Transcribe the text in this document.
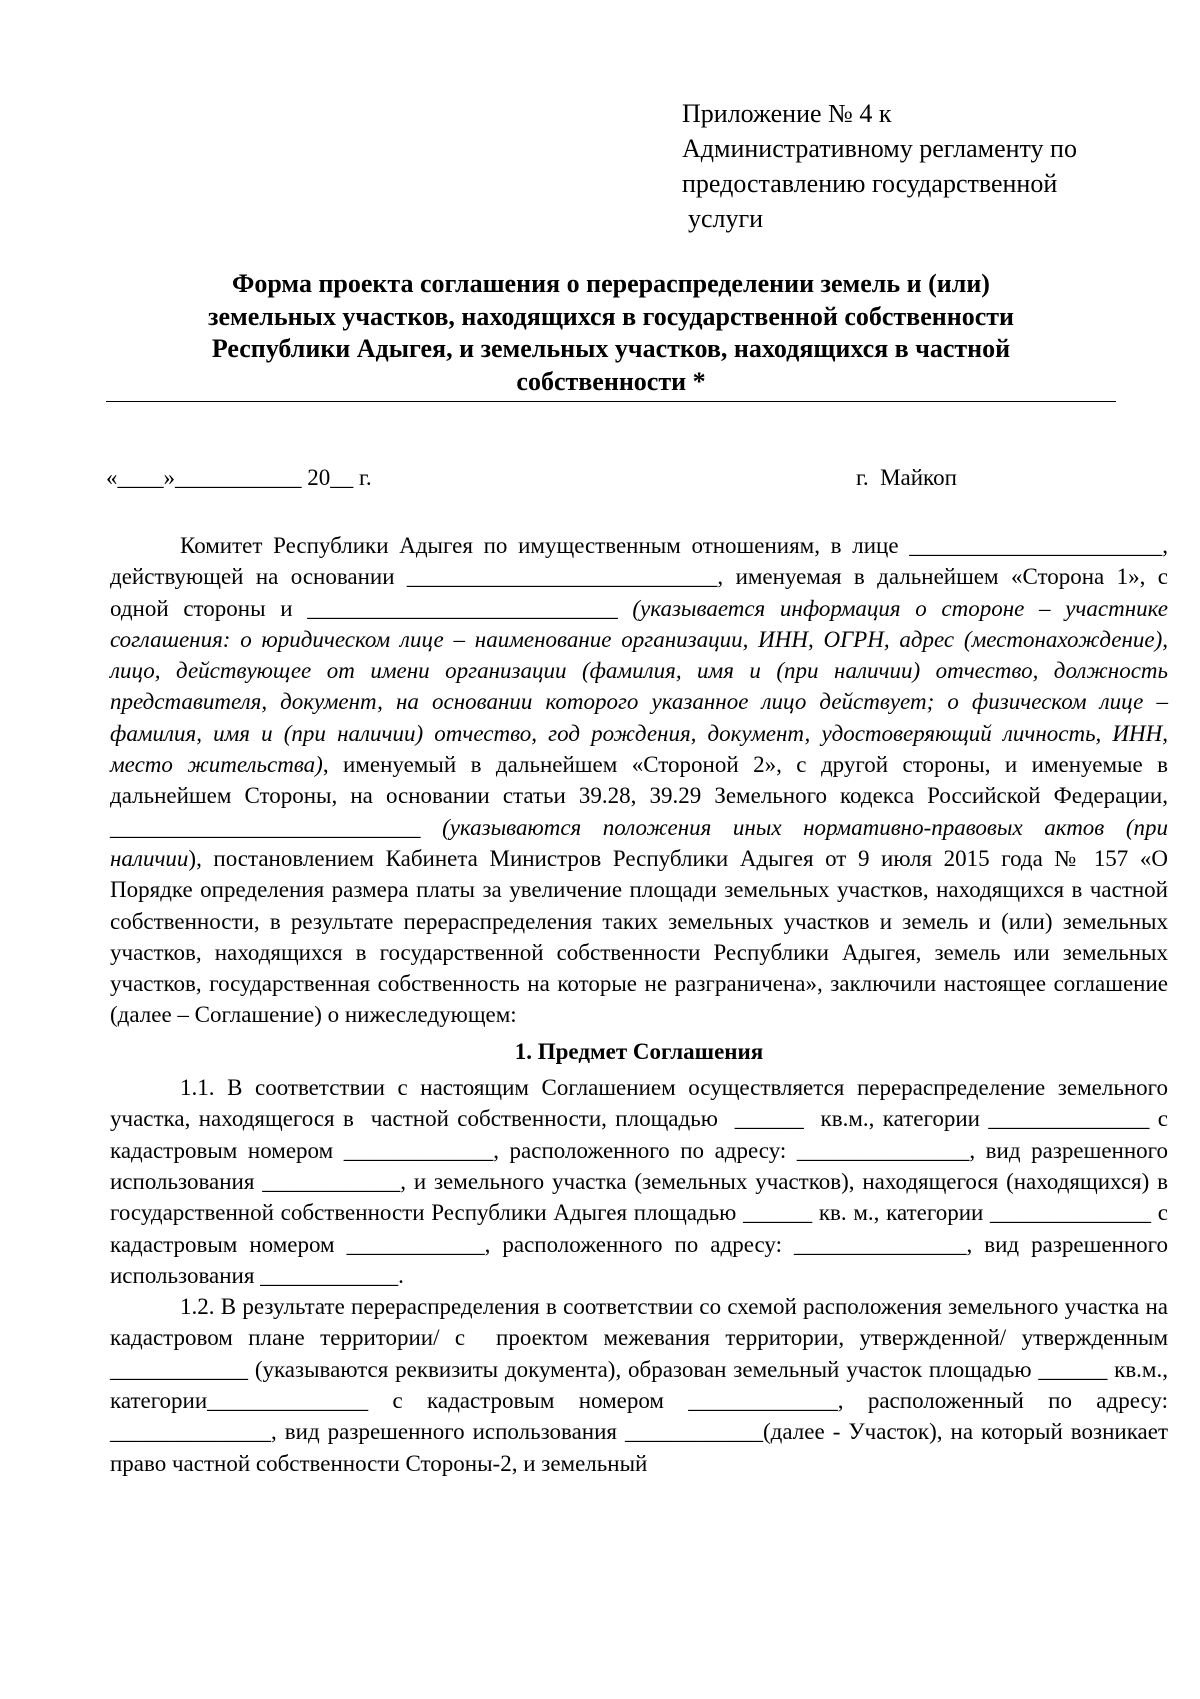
Приложение № 4 к
Административному регламенту по
предоставлению государственной
услуги
Форма проекта соглашения о перераспределении земель и (или)
земельных участков, находящихся в государственной собственности
Республики Адыгея, и земельных участков, находящихся в частной
собственности *
«____»___________ 20__ г.	г.  Майкоп

Комитет Республики Адыгея по имущественным отношениям, в лице ______________________, действующей на основании ___________________________, именуемая в дальнейшем «Сторона 1», с одной стороны и ___________________________ (указывается информация о стороне – участнике соглашения: о юридическом лице – наименование организации, ИНН, ОГРН, адрес (местонахождение), лицо, действующее от имени организации (фамилия, имя и (при наличии) отчество, должность представителя, документ, на основании которого указанное лицо действует; о физическом лице – фамилия, имя и (при наличии) отчество, год рождения, документ, удостоверяющий личность, ИНН, место жительства), именуемый в дальнейшем «Стороной 2», с другой стороны, и именуемые в дальнейшем Стороны, на основании статьи 39.28, 39.29 Земельного кодекса Российской Федерации, ___________________________ (указываются положения иных нормативно-правовых актов (при наличии), постановлением Кабинета Министров Республики Адыгея от 9 июля 2015 года № 157 «О Порядке определения размера платы за увеличение площади земельных участков, находящихся в частной собственности, в результате перераспределения таких земельных участков и земель и (или) земельных участков, находящихся в государственной собственности Республики Адыгея, земель или земельных участков, государственная собственность на которые не разграничена», заключили настоящее соглашение (далее – Соглашение) о нижеследующем:

1. Предмет Соглашения

1.1. В соответствии с настоящим Соглашением осуществляется перераспределение земельного участка, находящегося в  частной собственности, площадью  ______  кв.м., категории ______________ с кадастровым номером _____________, расположенного по адресу: _______________, вид разрешенного использования ____________, и земельного участка (земельных участков), находящегося (находящихся) в государственной собственности Республики Адыгея площадью ______ кв. м., категории ______________ с    кадастровым номером ____________, расположенного по адресу: _______________, вид разрешенного  использования ____________.

1.2. В результате перераспределения в соответствии со схемой расположения земельного участка на кадастровом плане территории/ с  проектом межевания территории, утвержденной/ утвержденным ____________ (указываются реквизиты документа), образован земельный участок площадью ______ кв.м., категории______________ с кадастровым номером _____________, расположенный по адресу: ______________, вид разрешенного использования ____________(далее - Участок), на который возникает  право частной собственности Стороны-2, и земельный
